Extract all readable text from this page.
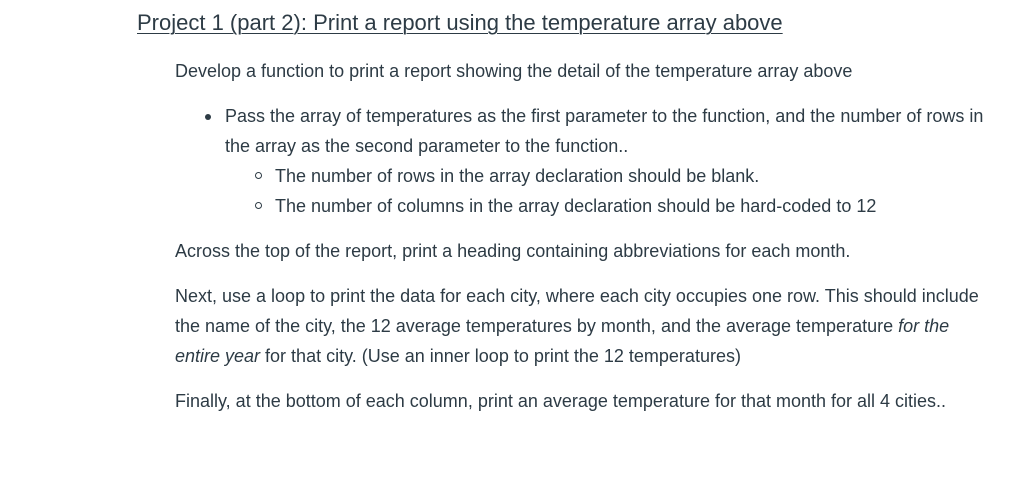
Project 1 (part 2): Print a report using the temperature array above

Develop a function to print a report showing the detail of the temperature array above

Pass the array of temperatures as the first parameter to the function, and the number of rows in the array as the second parameter to the function..
The number of rows in the array declaration should be blank.
The number of columns in the array declaration should be hard-coded to 12

Across the top of the report, print a heading containing abbreviations for each month.

Next, use a loop to print the data for each city, where each city occupies one row. This should include the name of the city, the 12 average temperatures by month, and the average temperature for the entire year for that city. (Use an inner loop to print the 12 temperatures)

Finally, at the bottom of each column, print an average temperature for that month for all 4 cities..
